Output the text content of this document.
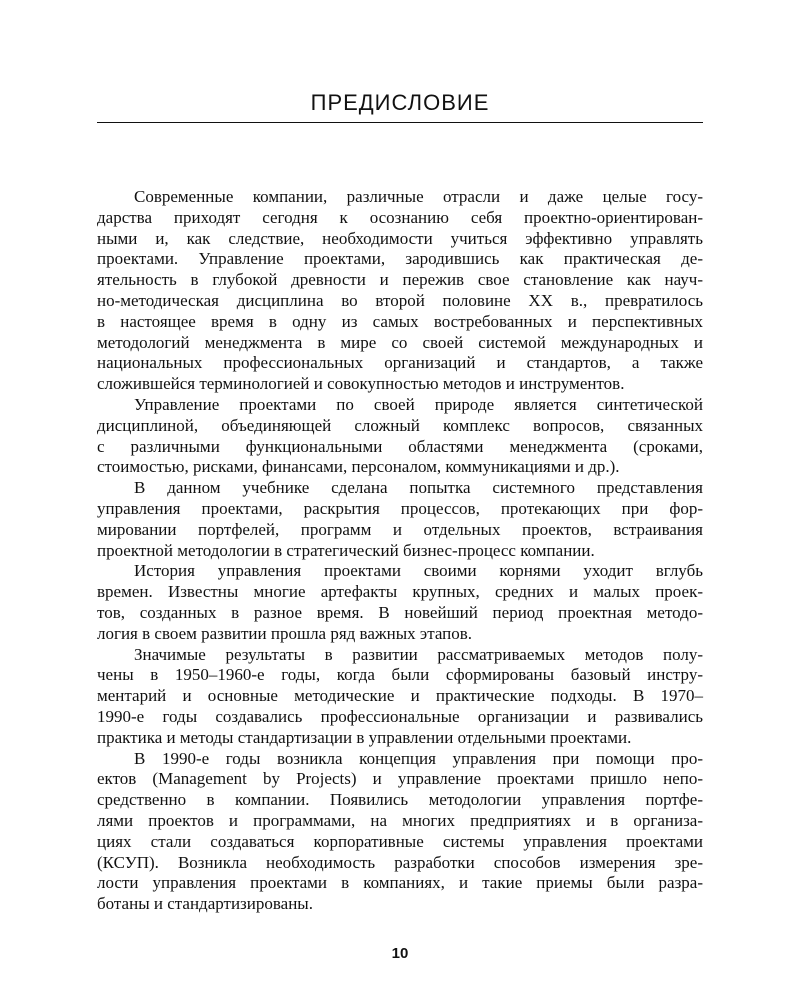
ПРЕДИСЛОВИЕ
Современные компании, различные отрасли и даже целые госу-
дарства приходят сегодня к осознанию себя проектно-ориентирован-
ными и, как следствие, необходимости учиться эффективно управлять
проектами. Управление проектами, зародившись как практическая де-
ятельность в глубокой древности и пережив свое становление как науч-
но-методическая дисциплина во второй половине XX в., превратилось
в настоящее время в одну из самых востребованных и перспективных
методологий менеджмента в мире со своей системой международных и
национальных профессиональных организаций и стандартов, а также
сложившейся терминологией и совокупностью методов и инструментов.
Управление проектами по своей природе является синтетической
дисциплиной, объединяющей сложный комплекс вопросов, связанных
с различными функциональными областями менеджмента (сроками,
стоимостью, рисками, финансами, персоналом, коммуникациями и др.).
В данном учебнике сделана попытка системного представления
управления проектами, раскрытия процессов, протекающих при фор-
мировании портфелей, программ и отдельных проектов, встраивания
проектной методологии в стратегический бизнес-процесс компании.
История управления проектами своими корнями уходит вглубь
времен. Известны многие артефакты крупных, средних и малых проек-
тов, созданных в разное время. В новейший период проектная методо-
логия в своем развитии прошла ряд важных этапов.
Значимые результаты в развитии рассматриваемых методов полу-
чены в 1950–1960-е годы, когда были сформированы базовый инстру-
ментарий и основные методические и практические подходы. В 1970–
1990-е годы создавались профессиональные организации и развивались
практика и методы стандартизации в управлении отдельными проектами.
В 1990-е годы возникла концепция управления при помощи про-
ектов (Management by Projects) и управление проектами пришло непо-
средственно в компании. Появились методологии управления портфе-
лями проектов и программами, на многих предприятиях и в организа-
циях стали создаваться корпоративные системы управления проектами
(КСУП). Возникла необходимость разработки способов измерения зре-
лости управления проектами в компаниях, и такие приемы были разра-
ботаны и стандартизированы.
10
